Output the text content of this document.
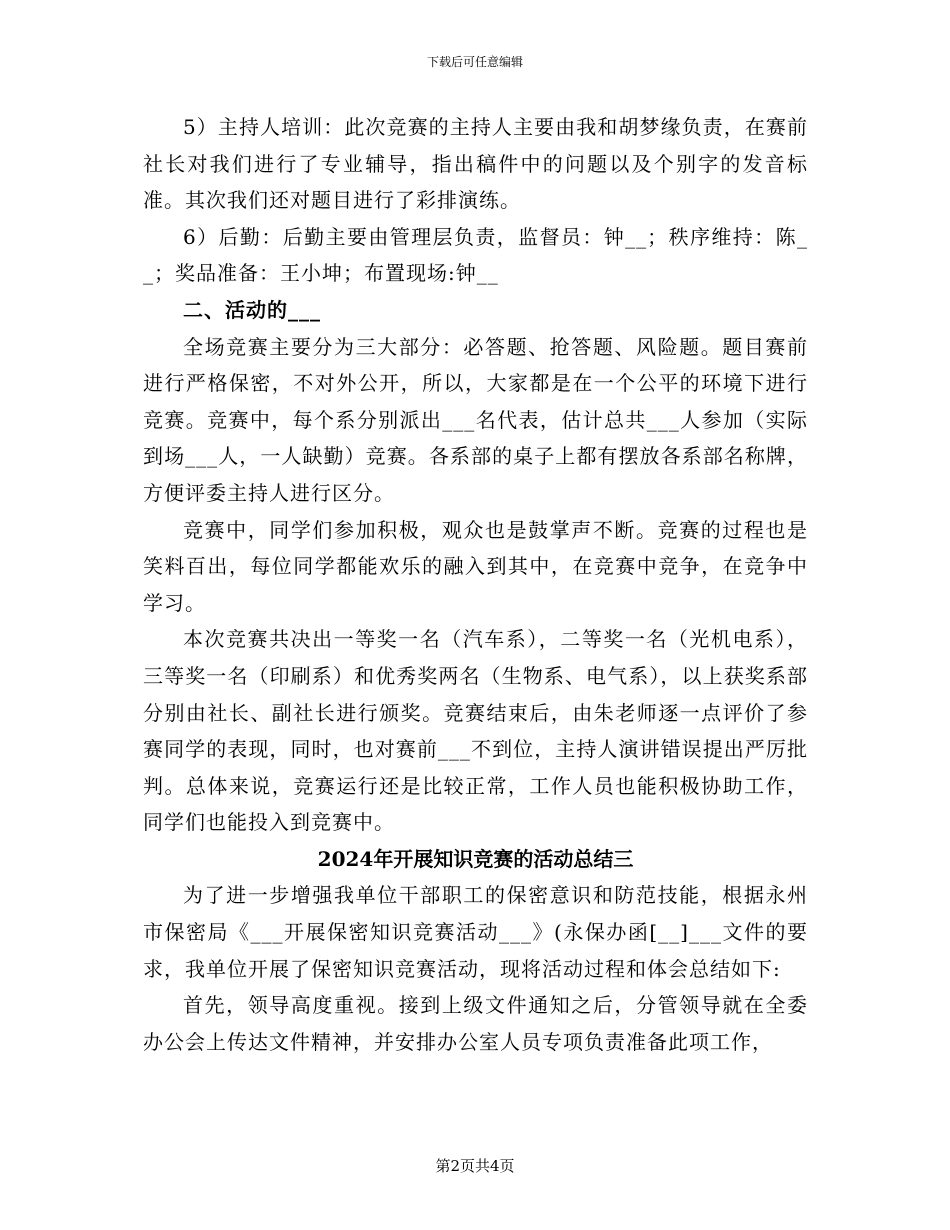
下载后可任意编辑

5）主持人培训：此次竞赛的主持人主要由我和胡梦缘负责，在赛前社长对我们进行了专业辅导，指出稿件中的问题以及个别字的发音标准。其次我们还对题目进行了彩排演练。

6）后勤：后勤主要由管理层负责，监督员：钟__；秩序维持：陈__；奖品准备：王小坤；布置现场:钟__

二、活动的___

全场竞赛主要分为三大部分：必答题、抢答题、风险题。题目赛前进行严格保密，不对外公开，所以，大家都是在一个公平的环境下进行竞赛。竞赛中，每个系分别派出___名代表，估计总共___人参加（实际到场___人，一人缺勤）竞赛。各系部的桌子上都有摆放各系部名称牌，方便评委主持人进行区分。

竞赛中，同学们参加积极，观众也是鼓掌声不断。竞赛的过程也是笑料百出，每位同学都能欢乐的融入到其中，在竞赛中竞争，在竞争中学习。

本次竞赛共决出一等奖一名（汽车系），二等奖一名（光机电系），三等奖一名（印刷系）和优秀奖两名（生物系、电气系），以上获奖系部分别由社长、副社长进行颁奖。竞赛结束后，由朱老师逐一点评价了参赛同学的表现，同时，也对赛前___不到位，主持人演讲错误提出严厉批判。总体来说，竞赛运行还是比较正常，工作人员也能积极协助工作，同学们也能投入到竞赛中。

2024年开展知识竞赛的活动总结三

为了进一步增强我单位干部职工的保密意识和防范技能，根据永州市保密局《___开展保密知识竞赛活动___》(永保办函[__]___文件的要求，我单位开展了保密知识竞赛活动，现将活动过程和体会总结如下:

首先，领导高度重视。接到上级文件通知之后，分管领导就在全委办公会上传达文件精神，并安排办公室人员专项负责准备此项工作，

第2页共4页
